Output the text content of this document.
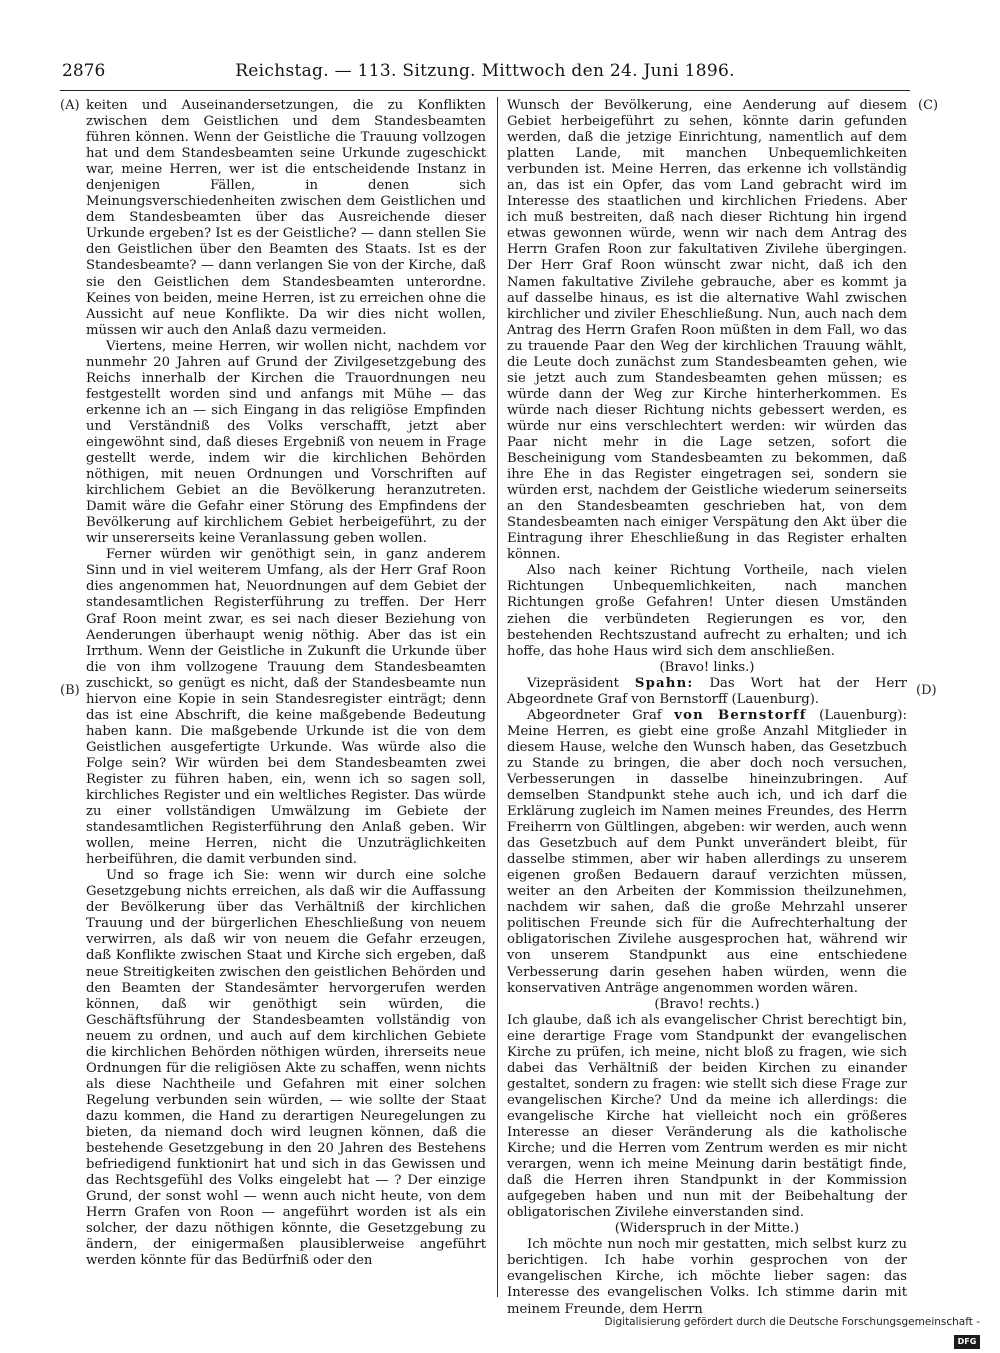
2876	Reichstag. — 113. Sitzung. Mittwoch den 24. Juni 1896.
(A)
(B)
(C)
(D)

keiten und Auseinandersetzungen, die zu Konflikten zwischen dem Geistlichen und dem Standesbeamten führen können. Wenn der Geistliche die Trauung vollzogen hat und dem Standesbeamten seine Urkunde zugeschickt war, meine Herren, wer ist die entscheidende Instanz in denjenigen Fällen, in denen sich Meinungsverschiedenheiten zwischen dem Geistlichen und dem Standesbeamten über das Ausreichende dieser Urkunde ergeben? Ist es der Geistliche? — dann stellen Sie den Geistlichen über den Beamten des Staats. Ist es der Standesbeamte? — dann verlangen Sie von der Kirche, daß sie den Geistlichen dem Standesbeamten unterordne. Keines von beiden, meine Herren, ist zu erreichen ohne die Aussicht auf neue Konflikte. Da wir dies nicht wollen, müssen wir auch den Anlaß dazu vermeiden.

Viertens, meine Herren, wir wollen nicht, nachdem vor nunmehr 20 Jahren auf Grund der Zivilgesetzgebung des Reichs innerhalb der Kirchen die Trauordnungen neu festgestellt worden sind und anfangs mit Mühe — das erkenne ich an — sich Eingang in das religiöse Empfinden und Verständniß des Volks verschafft, jetzt aber eingewöhnt sind, daß dieses Ergebniß von neuem in Frage gestellt werde, indem wir die kirchlichen Behörden nöthigen, mit neuen Ordnungen und Vorschriften auf kirchlichem Gebiet an die Bevölkerung heranzutreten. Damit wäre die Gefahr einer Störung des Empfindens der Bevölkerung auf kirchlichem Gebiet herbeigeführt, zu der wir unsererseits keine Veranlassung geben wollen.

Ferner würden wir genöthigt sein, in ganz anderem Sinn und in viel weiterem Umfang, als der Herr Graf Roon dies angenommen hat, Neuordnungen auf dem Gebiet der standesamtlichen Registerführung zu treffen. Der Herr Graf Roon meint zwar, es sei nach dieser Beziehung von Aenderungen überhaupt wenig nöthig. Aber das ist ein Irrthum. Wenn der Geistliche in Zukunft die Urkunde über die von ihm vollzogene Trauung dem Standesbeamten zuschickt, so genügt es nicht, daß der Standesbeamte nun hiervon eine Kopie in sein Standesregister einträgt; denn das ist eine Abschrift, die keine maßgebende Bedeutung haben kann. Die maßgebende Urkunde ist die von dem Geistlichen ausgefertigte Urkunde. Was würde also die Folge sein? Wir würden bei dem Standesbeamten zwei Register zu führen haben, ein, wenn ich so sagen soll, kirchliches Register und ein weltliches Register. Das würde zu einer vollständigen Umwälzung im Gebiete der standesamtlichen Registerführung den Anlaß geben. Wir wollen, meine Herren, nicht die Unzuträglichkeiten herbeiführen, die damit verbunden sind.

Und so frage ich Sie: wenn wir durch eine solche Gesetzgebung nichts erreichen, als daß wir die Auffassung der Bevölkerung über das Verhältniß der kirchlichen Trauung und der bürgerlichen Eheschließung von neuem verwirren, als daß wir von neuem die Gefahr erzeugen, daß Konflikte zwischen Staat und Kirche sich ergeben, daß neue Streitigkeiten zwischen den geistlichen Behörden und den Beamten der Standesämter hervorgerufen werden können, daß wir genöthigt sein würden, die Geschäftsführung der Standesbeamten vollständig von neuem zu ordnen, und auch auf dem kirchlichen Gebiete die kirchlichen Behörden nöthigen würden, ihrerseits neue Ordnungen für die religiösen Akte zu schaffen, wenn nichts als diese Nachtheile und Gefahren mit einer solchen Regelung verbunden sein würden, — wie sollte der Staat dazu kommen, die Hand zu derartigen Neuregelungen zu bieten, da niemand doch wird leugnen können, daß die bestehende Gesetzgebung in den 20 Jahren des Bestehens befriedigend funktionirt hat und sich in das Gewissen und das Rechtsgefühl des Volks eingelebt hat — ? Der einzige Grund, der sonst wohl — wenn auch nicht heute, von dem Herrn Grafen von Roon — angeführt worden ist als ein solcher, der dazu nöthigen könnte, die Gesetzgebung zu ändern, der einigermaßen plausiblerweise angeführt werden könnte für das Bedürfniß oder den

Wunsch der Bevölkerung, eine Aenderung auf diesem Gebiet herbeigeführt zu sehen, könnte darin gefunden werden, daß die jetzige Einrichtung, namentlich auf dem platten Lande, mit manchen Unbequemlichkeiten verbunden ist. Meine Herren, das erkenne ich vollständig an, das ist ein Opfer, das vom Land gebracht wird im Interesse des staatlichen und kirchlichen Friedens. Aber ich muß bestreiten, daß nach dieser Richtung hin irgend etwas gewonnen würde, wenn wir nach dem Antrag des Herrn Grafen Roon zur fakultativen Zivilehe übergingen. Der Herr Graf Roon wünscht zwar nicht, daß ich den Namen fakultative Zivilehe gebrauche, aber es kommt ja auf dasselbe hinaus, es ist die alternative Wahl zwischen kirchlicher und ziviler Eheschließung. Nun, auch nach dem Antrag des Herrn Grafen Roon müßten in dem Fall, wo das zu trauende Paar den Weg der kirchlichen Trauung wählt, die Leute doch zunächst zum Standesbeamten gehen, wie sie jetzt auch zum Standesbeamten gehen müssen; es würde dann der Weg zur Kirche hinterherkommen. Es würde nach dieser Richtung nichts gebessert werden, es würde nur eins verschlechtert werden: wir würden das Paar nicht mehr in die Lage setzen, sofort die Bescheinigung vom Standesbeamten zu bekommen, daß ihre Ehe in das Register eingetragen sei, sondern sie würden erst, nachdem der Geistliche wiederum seinerseits an den Standesbeamten geschrieben hat, von dem Standesbeamten nach einiger Verspätung den Akt über die Eintragung ihrer Eheschließung in das Register erhalten können.

Also nach keiner Richtung Vortheile, nach vielen Richtungen Unbequemlichkeiten, nach manchen Richtungen große Gefahren! Unter diesen Umständen ziehen die verbündeten Regierungen es vor, den bestehenden Rechtszustand aufrecht zu erhalten; und ich hoffe, das hohe Haus wird sich dem anschließen.

(Bravo! links.)

Vizepräsident Spahn: Das Wort hat der Herr Abgeordnete Graf von Bernstorff (Lauenburg).

Abgeordneter Graf von Bernstorff (Lauenburg): Meine Herren, es giebt eine große Anzahl Mitglieder in diesem Hause, welche den Wunsch haben, das Gesetzbuch zu Stande zu bringen, die aber doch noch versuchen, Verbesserungen in dasselbe hineinzubringen. Auf demselben Standpunkt stehe auch ich, und ich darf die Erklärung zugleich im Namen meines Freundes, des Herrn Freiherrn von Gültlingen, abgeben: wir werden, auch wenn das Gesetzbuch auf dem Punkt unverändert bleibt, für dasselbe stimmen, aber wir haben allerdings zu unserem eigenen großen Bedauern darauf verzichten müssen, weiter an den Arbeiten der Kommission theilzunehmen, nachdem wir sahen, daß die große Mehrzahl unserer politischen Freunde sich für die Aufrechterhaltung der obligatorischen Zivilehe ausgesprochen hat, während wir von unserem Standpunkt aus eine entschiedene Verbesserung darin gesehen haben würden, wenn die konservativen Anträge angenommen worden wären.

(Bravo! rechts.)

Ich glaube, daß ich als evangelischer Christ berechtigt bin, eine derartige Frage vom Standpunkt der evangelischen Kirche zu prüfen, ich meine, nicht bloß zu fragen, wie sich dabei das Verhältniß der beiden Kirchen zu einander gestaltet, sondern zu fragen: wie stellt sich diese Frage zur evangelischen Kirche? Und da meine ich allerdings: die evangelische Kirche hat vielleicht noch ein größeres Interesse an dieser Veränderung als die katholische Kirche; und die Herren vom Zentrum werden es mir nicht verargen, wenn ich meine Meinung darin bestätigt finde, daß die Herren ihren Standpunkt in der Kommission aufgegeben haben und nun mit der Beibehaltung der obligatorischen Zivilehe einverstanden sind.

(Widerspruch in der Mitte.)

Ich möchte nun noch mir gestatten, mich selbst kurz zu berichtigen. Ich habe vorhin gesprochen von der evangelischen Kirche, ich möchte lieber sagen: das Interesse des evangelischen Volks. Ich stimme darin mit meinem Freunde, dem Herrn

Digitalisierung gefördert durch die Deutsche Forschungsgemeinschaft -DFG
